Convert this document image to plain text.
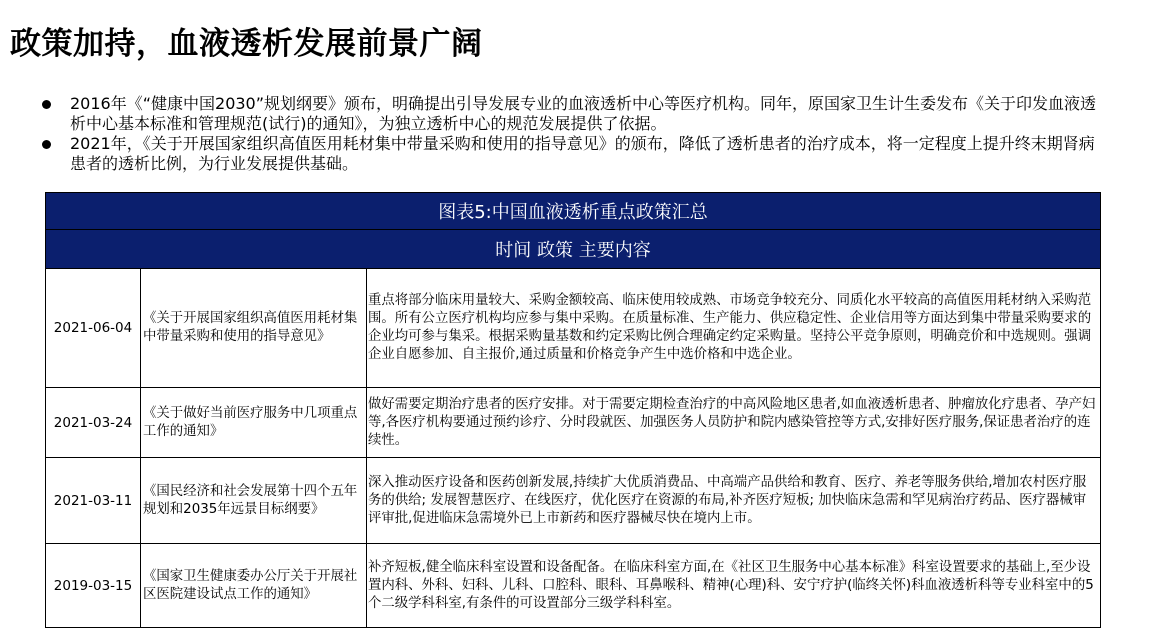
政策加持，血液透析发展前景广阔
2016年《“健康中国2030”规划纲要》颁布，明确提出引导发展专业的血液透析中心等医疗机构。同年，原国家卫生计生委发布《关于印发血液透析中心基本标准和管理规范(试行)的通知》，为独立透析中心的规范发展提供了依据。
2021年，《关于开展国家组织高值医用耗材集中带量采购和使用的指导意见》的颁布，降低了透析患者的治疗成本，将一定程度上提升终末期肾病患者的透析比例，为行业发展提供基础。
图表5:中国血液透析重点政策汇总		
时间 政策 主要内容		
2021-06-04	《关于开展国家组织高值医用耗材集中带量采购和使用的指导意见》	重点将部分临床用量较大、采购金额较高、临床使用较成熟、市场竞争较充分、同质化水平较高的高值医用耗材纳入采购范围。所有公立医疗机构均应参与集中采购。在质量标准、生产能力、供应稳定性、企业信用等方面达到集中带量采购要求的企业均可参与集采。根据采购量基数和约定采购比例合理确定约定采购量。坚持公平竞争原则，明确竞价和中选规则。强调企业自愿参加、自主报价,通过质量和价格竞争产生中选价格和中选企业。
2021-03-24	《关于做好当前医疗服务中几项重点工作的通知》	做好需要定期治疗患者的医疗安排。对于需要定期检查治疗的中高风险地区患者,如血液透析患者、肿瘤放化疗患者、孕产妇等,各医疗机构要通过预约诊疗、分时段就医、加强医务人员防护和院内感染管控等方式,安排好医疗服务,保证患者治疗的连续性。
2021-03-11	《国民经济和社会发展第十四个五年规划和2035年远景目标纲要》	深入推动医疗设备和医药创新发展,持续扩大优质消费品、中高端产品供给和教育、医疗、养老等服务供给,增加农村医疗服务的供给; 发展智慧医疗、在线医疗，优化医疗在资源的布局,补齐医疗短板; 加快临床急需和罕见病治疗药品、医疗器械审评审批,促进临床急需境外已上市新药和医疗器械尽快在境内上市。
2019-03-15	《国家卫生健康委办公厅关于开展社区医院建设试点工作的通知》	补齐短板,健全临床科室设置和设备配备。在临床科室方面,在《社区卫生服务中心基本标准》科室设置要求的基础上,至少设置内科、外科、妇科、儿科、口腔科、眼科、耳鼻喉科、精神(心理)科、安宁疗护(临终关怀)科血液透析科等专业科室中的5个二级学科科室,有条件的可设置部分三级学科科室。
